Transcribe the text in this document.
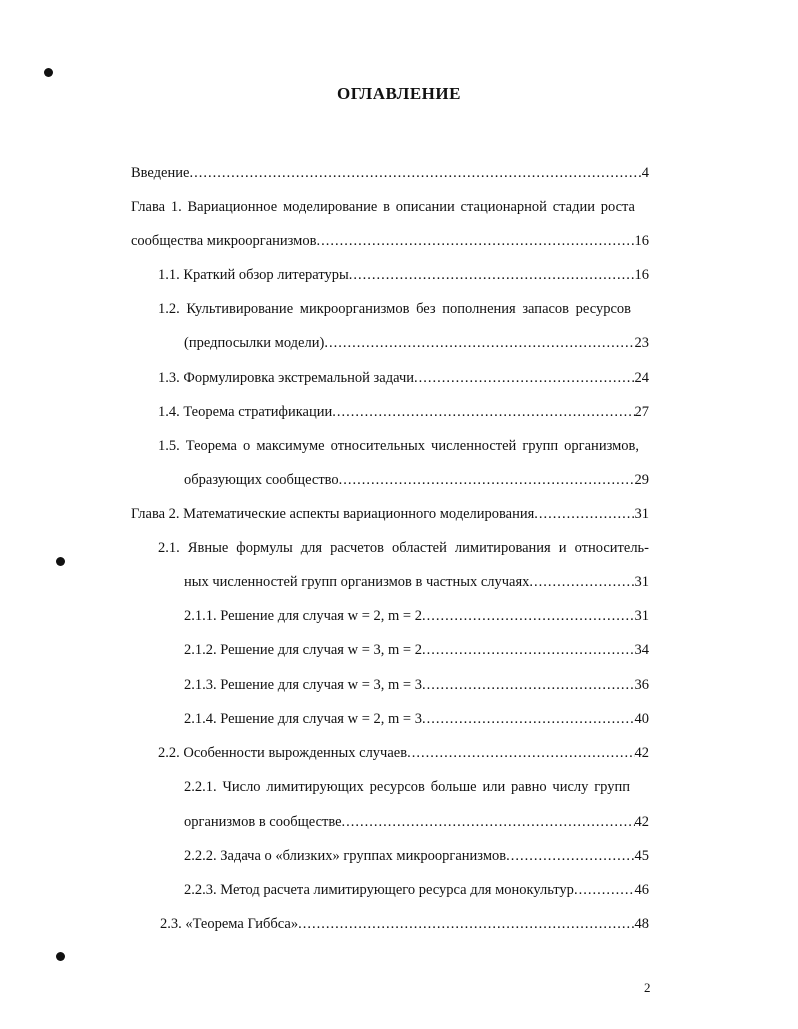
ОГЛАВЛЕНИЕ
Введение .....	4
Глава 1. Вариационное моделирование в описании стационарной стадии роста
сообщества микроорганизмов .....	16
1.1. Краткий обзор литературы .....	16
1.2. Культивирование микроорганизмов без пополнения запасов ресурсов
(предпосылки модели) .....	23
1.3. Формулировка экстремальной задачи .....	24
1.4. Теорема стратификации .....	27
1.5. Теорема о максимуме относительных численностей групп организмов,
образующих сообщество .....	29
Глава 2. Математические аспекты вариационного моделирования .....	31
2.1. Явные формулы для расчетов областей лимитирования и относитель-
ных численностей групп организмов в частных случаях .....	31
2.1.1. Решение для случая w = 2, m = 2 .....	31
2.1.2. Решение для случая w = 3, m = 2 .....	34
2.1.3. Решение для случая w = 3, m = 3 .....	36
2.1.4. Решение для случая w = 2, m = 3 .....	40
2.2. Особенности вырожденных случаев .....	42
2.2.1. Число лимитирующих ресурсов больше или равно числу групп
организмов в сообществе .....	42
2.2.2. Задача о «близких» группах микроорганизмов .....	45
2.2.3. Метод расчета лимитирующего ресурса для монокультур .....	46
2.3. «Теорема Гиббса» .....	48
2
